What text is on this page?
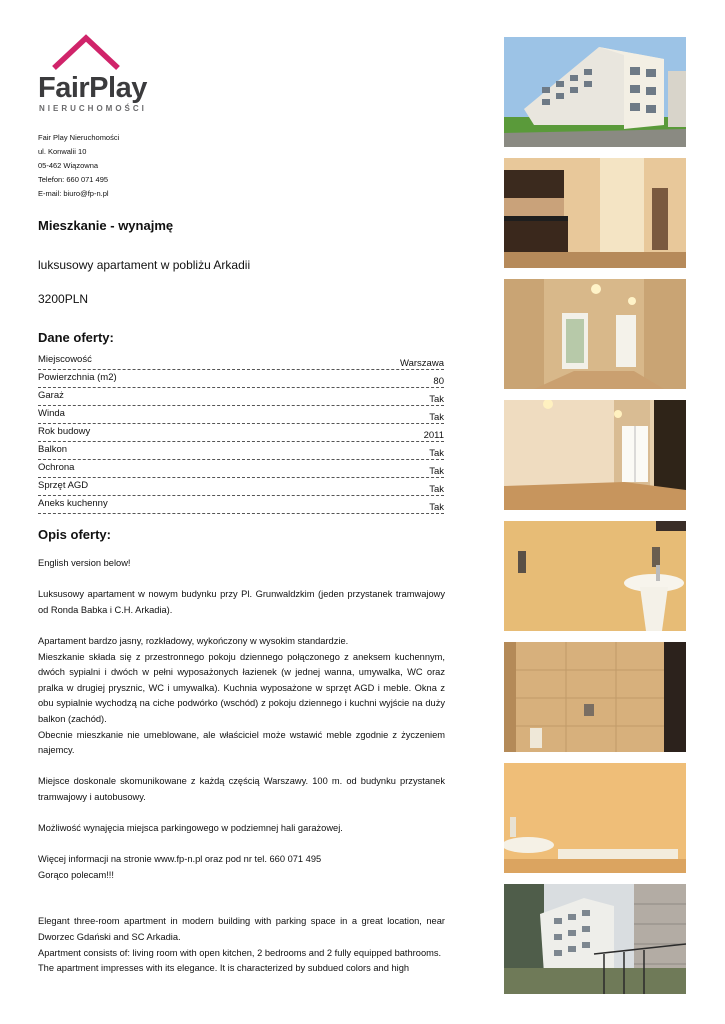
FairPlay
NIERUCHOMOŚCI
Fair Play Nieruchomości
ul. Konwalii 10
05-462 Wiązowna
Telefon: 660 071 495
E-mail: biuro@fp-n.pl
Mieszkanie - wynajmę
luksusowy apartament w pobliżu Arkadii
3200PLN
Dane oferty:
Miejscowość	Warszawa
Powierzchnia (m2)	80
Garaż	Tak
Winda	Tak
Rok budowy	2011
Balkon	Tak
Ochrona	Tak
Sprzęt AGD	Tak
Aneks kuchenny	Tak
Opis oferty:

English version below!

Luksusowy apartament w nowym budynku przy Pl. Grunwaldzkim (jeden przystanek tramwajowy od Ronda Babka i C.H. Arkadia).

Apartament bardzo jasny, rozkładowy, wykończony w wysokim standardzie.

Mieszkanie składa się z przestronnego pokoju dziennego połączonego z aneksem kuchennym, dwóch sypialni i dwóch w pełni wyposażonych łazienek (w jednej wanna, umywalka, WC oraz pralka w drugiej prysznic, WC i umywalka). Kuchnia wyposażone w sprzęt AGD i meble. Okna z obu sypialnie wychodzą na ciche podwórko (wschód) z pokoju dziennego i kuchni wyjście na duży balkon (zachód).

Obecnie mieszkanie nie umeblowane, ale właściciel może wstawić meble zgodnie z życzeniem najemcy.

Miejsce doskonale skomunikowane z każdą częścią Warszawy. 100 m. od budynku przystanek tramwajowy i autobusowy.

Możliwość wynajęcia miejsca parkingowego w podziemnej hali garażowej.

Więcej informacji na stronie www.fp-n.pl oraz pod nr tel. 660 071 495

Gorąco polecam!!!

Elegant three-room apartment in modern building with parking space in a great location, near Dworzec Gdański and SC Arkadia.

Apartment consists of: living room with open kitchen, 2 bedrooms and 2 fully equipped bathrooms.

The apartment impresses with its elegance. It is characterized by subdued colors and high
